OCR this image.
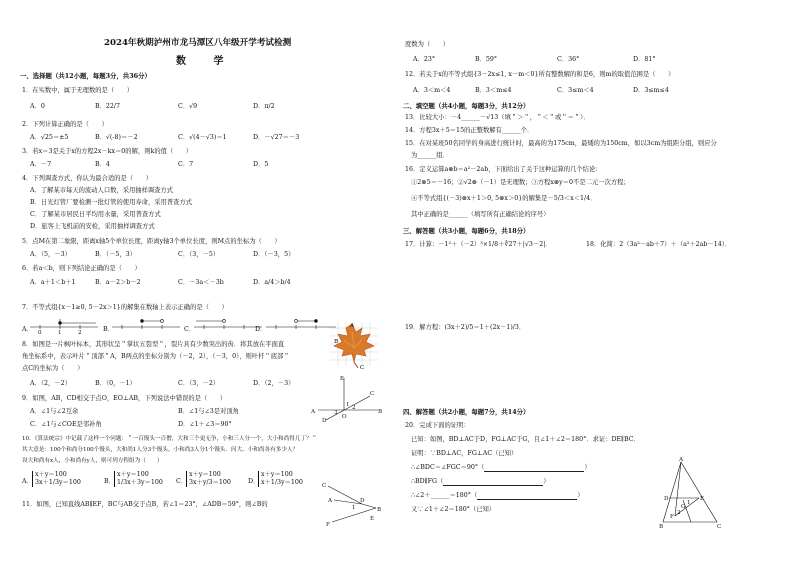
2024年秋期泸州市龙马潭区八年级开学考试检测
数 学
一、选择题（共12小题，每题3分，共36分）
1．在实数中，属于无理数的是（　　）
A．0	B．22/7	C．√9	D．π/2
2．下列计算正确的是（　　）
A．√25＝±5	B．√(-8)＝－2	C．√(4－√3)＝1	D．－√27＝－3
3．若x＝3是关于x的方程2x－kx＝0的解，则k的值（　　）
A．－7	B．4	C．7	D．5
4．下列调查方式，你认为最合适的是（　　）
A．了解某市每天的流动人口数，采用抽样调查方式
B．日光灯管厂要检测一批灯管的使用寿命，采用普查方式
C．了解某市居民日平均用水量，采用普查方式
D．旅客上飞机前的安检，采用抽样调查方式
5．点M在第二象限，距离x轴5个单位长度，距离y轴3个单位长度，则M点的坐标为（　　）
A．（5，－3）	B．（－5，3）	C．（3，－5）	D．（－3，5）
6．若a＜b，则下列结论正确的是（　　）
A．a＋1＜b＋1	B．a－2＞b－2	C．－3a＜－3b	D．a/4＞b/4
7．不等式组{x－1≥0, 5－2x＞1}的解集在数轴上表示正确的是（　　）
A．	B．	C．	D．
0	1	2
8．如图是一片枫叶标本，其形状呈＂掌状五裂型＂，裂片具有少数突出的齿．将其放在平面直
角坐标系中，表示叶片＂顶部＂A，B两点的坐标分别为（－2，2），（－3，0），则叶杆＂底部＂
点C的坐标为（　　）
A．（2，－2）	B．（0，－1）	C．（3，－2）	D．（2，－3）
A
B
C
9．如图，AB，CD相交于点O，EO⊥AB，下列说法中错误的是（　　）
A．∠1与∠2互余	B．∠1与∠3是对顶角
C．∠1与∠COE是邻补角	D．∠1＋∠3＝90°
E
C
A
O
B
D
1 2
3
10．《算法统宗》中记载了这样一个问题：＂一百馒头一百僧，大和三个更无争，小和三人分一个，大小和尚得几丁？＂
其大意是：100个和尚分100个馒头，大和尚1人分3个馒头，小和尚3人分1个馒头．问大、小和尚各有多少人？
设大和尚有x人，小和尚有y人，则可列方程组为（　　）
A．
x＋y＝100
3x＋1/3y＝100	B．
x＋y＝100
1/3x＋3y＝100 C．
x＋y＝100
3x＋y/3＝100	D．
x＋y＝100
x＋1/3y＝100
C
A	D
B
E
F
1
11．如图，已知直线AB∥EF，BC与AB交于点B，若∠1＝23°，∠ADB＝59°，则∠B的
度数为（　　）
A．23°	B．59°	C．36°	D．81°
12．若关于x的不等式组{3－2x≤1, x－m＜0}所有整数解的和是6，则m的取值范围是（　　）
A．3＜m＜4	B．3＜m≤4	C．3≤m＜4	D．3≤m≤4
二、填空题（共4小题，每题3分，共12分）
13．比较大小：－4______－√13（填＂＞＂，＂＜＂或＂＝＂）．
14．方程3x＋5＝15的正整数解有______个．
15．在对某班50名同学的身高进行统计时，最高的为175cm，最矮的为150cm，如以3cm为组距分组，则应分
为______组．
16．定义运算a⊗b＝a²－2ab，下面给出了关于这种运算的几个结论：
①2⊗5＝－16；②√2⊗（－1）是无理数；③方程x⊗y＝0不是二元一次方程；
④不等式组{(－3)⊗x＋1＞0, 5⊗x＞0}的解集是－5/3＜x＜1/4．
其中正确的是______（填写所有正确结论的序号）
三、解答题（共3小题，每题6分，共18分）
17．计算：－1²＋（－2）³×1/8＋∛27＋|√3－2|．	18．化简：2（3a²－ab＋7）＋（a²＋2ab－14）．
19．解方程：(3x＋2)/5＝1＋(2x－1)/3．
四、解答题（共2小题，每题7分，共14分）
20．完成下面的证明：
已知：如图，BD⊥AC于D，FG⊥AC于G，且∠1＋∠2＝180°．求证：DE∥BC．
证明：∵BD⊥AC，FG⊥AC（已知）
∴∠BDC＝∠FGC＝90°（	）
∴BD∥FG（	）
∴∠2＋______＝180°（	）
又∵∠1＋∠2＝180°（已知）
A
D	E
F
G
B	C
1
2
